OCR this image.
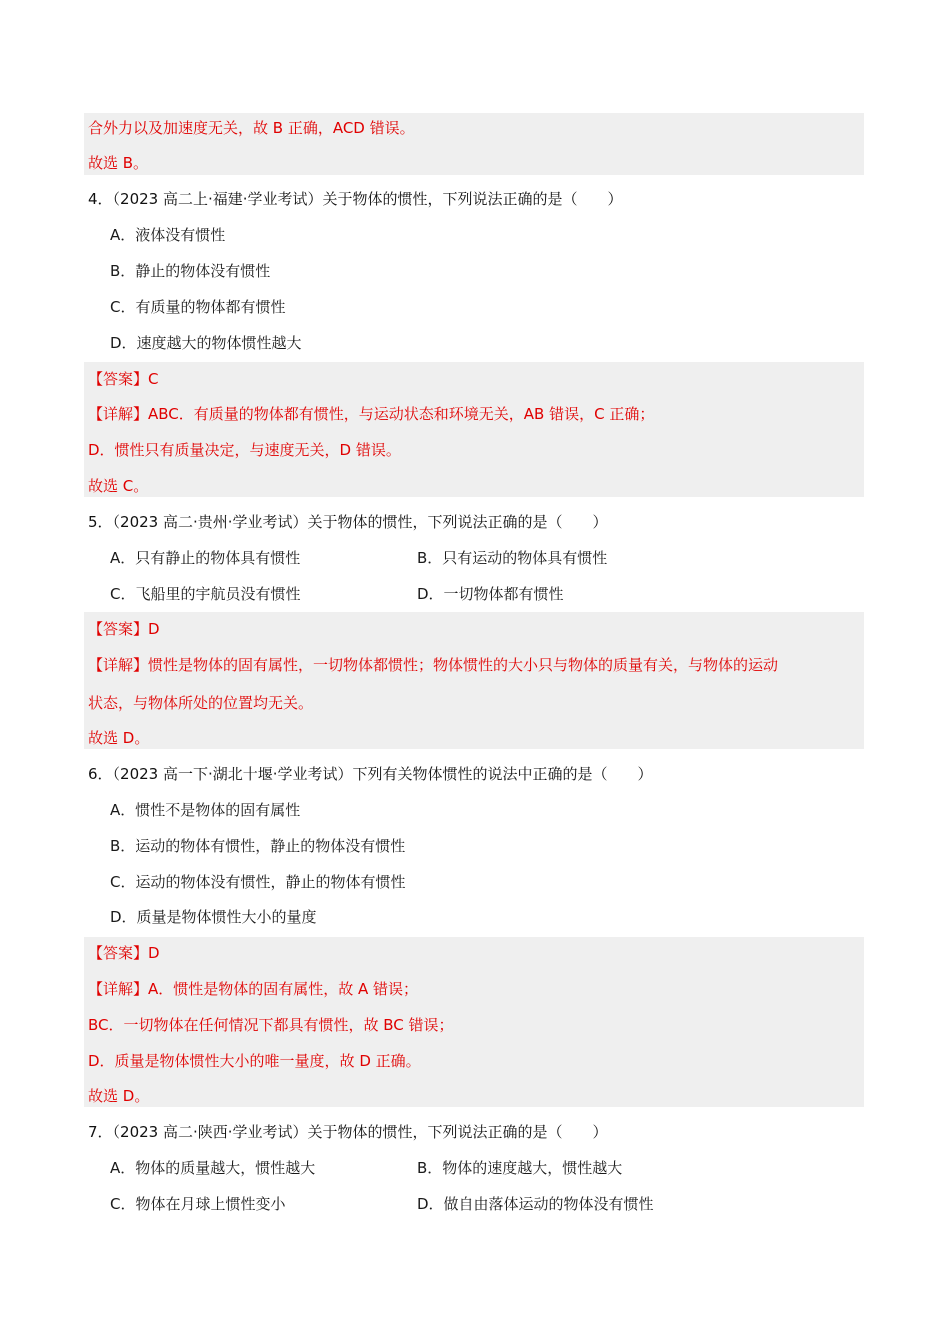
合外力以及加速度无关，故 B 正确，ACD 错误。
故选 B。
4．（2023 高二上·福建·学业考试）关于物体的惯性，下列说法正确的是（　　）
A．液体没有惯性
B．静止的物体没有惯性
C．有质量的物体都有惯性
D．速度越大的物体惯性越大
【答案】C
【详解】ABC．有质量的物体都有惯性，与运动状态和环境无关，AB 错误，C 正确；
D．惯性只有质量决定，与速度无关，D 错误。
故选 C。
5．（2023 高二·贵州·学业考试）关于物体的惯性，下列说法正确的是（　　）
A．只有静止的物体具有惯性	B．只有运动的物体具有惯性
C．飞船里的宇航员没有惯性	D．一切物体都有惯性
【答案】D
【详解】惯性是物体的固有属性，一切物体都惯性；物体惯性的大小只与物体的质量有关，与物体的运动
状态，与物体所处的位置均无关。
故选 D。
6．（2023 高一下·湖北十堰·学业考试）下列有关物体惯性的说法中正确的是（　　）
A．惯性不是物体的固有属性
B．运动的物体有惯性，静止的物体没有惯性
C．运动的物体没有惯性，静止的物体有惯性
D．质量是物体惯性大小的量度
【答案】D
【详解】A．惯性是物体的固有属性，故 A 错误；
BC．一切物体在任何情况下都具有惯性，故 BC 错误；
D．质量是物体惯性大小的唯一量度，故 D 正确。
故选 D。
7．（2023 高二·陕西·学业考试）关于物体的惯性，下列说法正确的是（　　）
A．物体的质量越大，惯性越大	B．物体的速度越大，惯性越大
C．物体在月球上惯性变小	D．做自由落体运动的物体没有惯性
